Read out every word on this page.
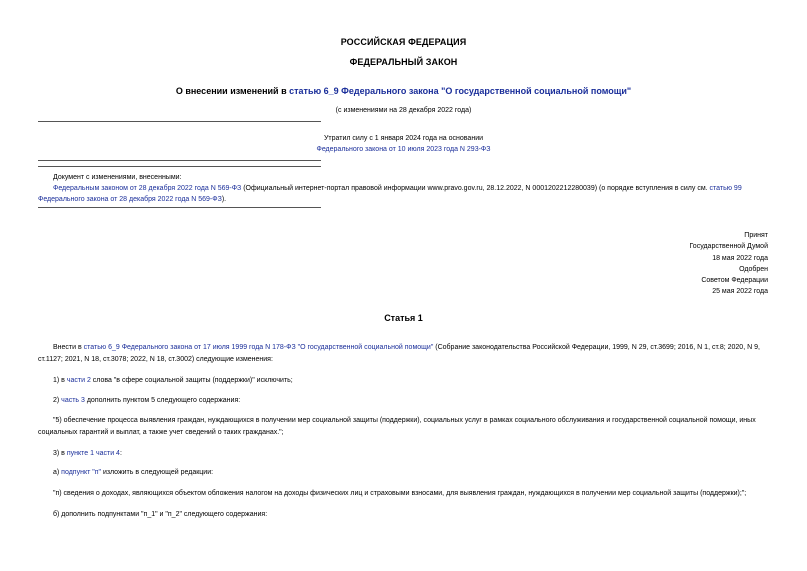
РОССИЙСКАЯ ФЕДЕРАЦИЯ
ФЕДЕРАЛЬНЫЙ ЗАКОН
О внесении изменений в статью 6_9 Федерального закона "О государственной социальной помощи"
(с изменениями на 28 декабря 2022 года)
Утратил силу с 1 января 2024 года на основании
Федерального закона от 10 июля 2023 года N 293-ФЗ
Документ с изменениями, внесенными:
Федеральным законом от 28 декабря 2022 года N 569-ФЗ (Официальный интернет-портал правовой информации www.pravo.gov.ru, 28.12.2022, N 0001202212280039) (о порядке вступления в силу см. статью 99 Федерального закона от 28 декабря 2022 года N 569-ФЗ).
Принят
Государственной Думой
18 мая 2022 года
Одобрен
Советом Федерации
25 мая 2022 года
Статья 1
Внести в статью 6_9 Федерального закона от 17 июля 1999 года N 178-ФЗ "О государственной социальной помощи" (Собрание законодательства Российской Федерации, 1999, N 29, ст.3699; 2016, N 1, ст.8; 2020, N 9, ст.1127; 2021, N 18, ст.3078; 2022, N 18, ст.3002) следующие изменения:
1) в части 2 слова "в сфере социальной защиты (поддержки)" исключить;
2) часть 3 дополнить пунктом 5 следующего содержания:
"5) обеспечение процесса выявления граждан, нуждающихся в получении мер социальной защиты (поддержки), социальных услуг в рамках социального обслуживания и государственной социальной помощи, иных социальных гарантий и выплат, а также учет сведений о таких гражданах.";
3) в пункте 1 части 4:
а) подпункт "п" изложить в следующей редакции:
"п) сведения о доходах, являющихся объектом обложения налогом на доходы физических лиц и страховыми взносами, для выявления граждан, нуждающихся в получении мер социальной защиты (поддержки);";
б) дополнить подпунктами "п_1" и "п_2" следующего содержания:
